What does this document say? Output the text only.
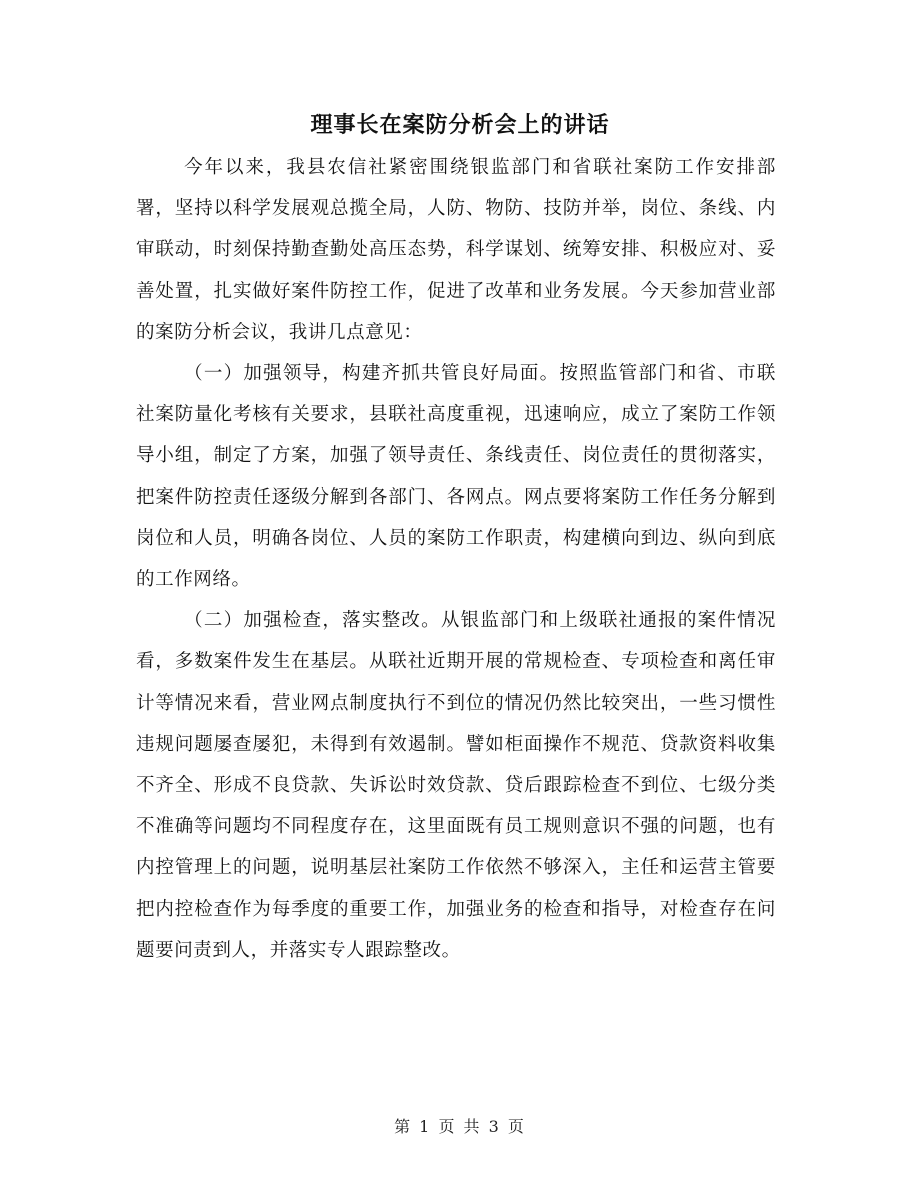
理事长在案防分析会上的讲话

今年以来，我县农信社紧密围绕银监部门和省联社案防工作安排部署，坚持以科学发展观总揽全局，人防、物防、技防并举，岗位、条线、内审联动，时刻保持勤查勤处高压态势，科学谋划、统筹安排、积极应对、妥善处置，扎实做好案件防控工作，促进了改革和业务发展。今天参加营业部的案防分析会议，我讲几点意见：

（一）加强领导，构建齐抓共管良好局面。按照监管部门和省、市联社案防量化考核有关要求，县联社高度重视，迅速响应，成立了案防工作领导小组，制定了方案，加强了领导责任、条线责任、岗位责任的贯彻落实，把案件防控责任逐级分解到各部门、各网点。网点要将案防工作任务分解到岗位和人员，明确各岗位、人员的案防工作职责，构建横向到边、纵向到底的工作网络。

（二）加强检查，落实整改。从银监部门和上级联社通报的案件情况看，多数案件发生在基层。从联社近期开展的常规检查、专项检查和离任审计等情况来看，营业网点制度执行不到位的情况仍然比较突出，一些习惯性违规问题屡查屡犯，未得到有效遏制。譬如柜面操作不规范、贷款资料收集不齐全、形成不良贷款、失诉讼时效贷款、贷后跟踪检查不到位、七级分类不准确等问题均不同程度存在，这里面既有员工规则意识不强的问题，也有内控管理上的问题，说明基层社案防工作依然不够深入，主任和运营主管要把内控检查作为每季度的重要工作，加强业务的检查和指导，对检查存在问题要问责到人，并落实专人跟踪整改。

第 1 页 共 3 页
